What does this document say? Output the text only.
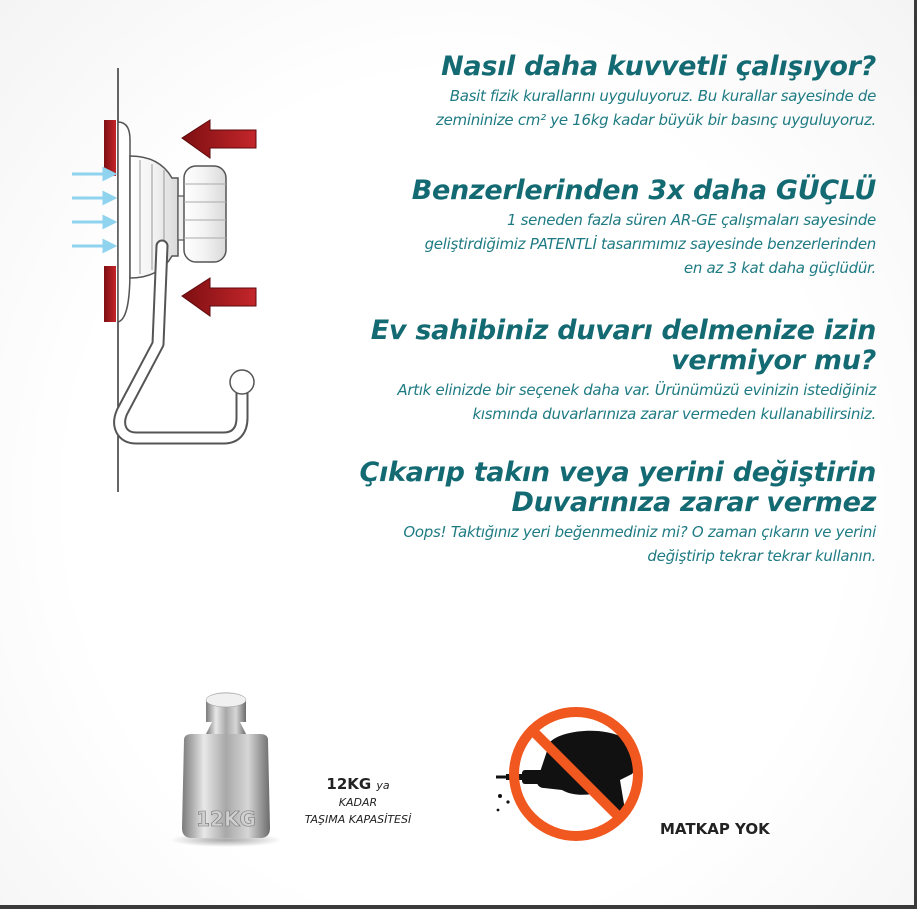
Nasıl daha kuvvetli çalışıyor?

Basit fizik kurallarını uyguluyoruz. Bu kurallar sayesinde de
zemininize cm² ye 16kg kadar büyük bir basınç uyguluyoruz.

Benzerlerinden 3x daha GÜÇLÜ

1 seneden fazla süren AR-GE çalışmaları sayesinde
geliştirdiğimiz PATENTLİ tasarımımız sayesinde benzerlerinden
en az 3 kat daha güçlüdür.

Ev sahibiniz duvarı delmenize izin
vermiyor mu?

Artık elinizde bir seçenek daha var. Ürünümüzü evinizin istediğiniz
kısmında duvarlarınıza zarar vermeden kullanabilirsiniz.

Çıkarıp takın veya yerini değiştirin
Duvarınıza zarar vermez

Oops! Taktığınız yeri beğenmediniz mi? O zaman çıkarın ve yerini
değiştirip tekrar tekrar kullanın.

12KG
12KG ya
KADAR
TAŞIMA KAPASİTESİ
MATKAP YOK
